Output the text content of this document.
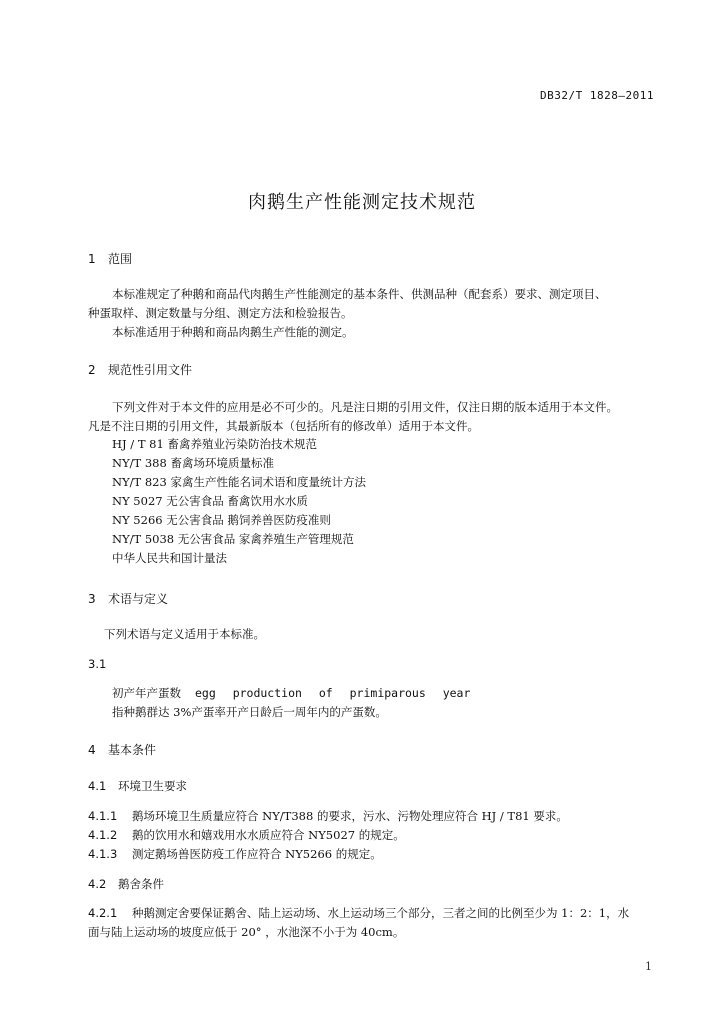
DB32/T 1828—2011
肉鹅生产性能测定技术规范
1 范围
本标准规定了种鹅和商品代肉鹅生产性能测定的基本条件、供测品种（配套系）要求、测定项目、
种蛋取样、测定数量与分组、测定方法和检验报告。
本标准适用于种鹅和商品肉鹅生产性能的测定。
2 规范性引用文件
下列文件对于本文件的应用是必不可少的。凡是注日期的引用文件，仅注日期的版本适用于本文件。
凡是不注日期的引用文件，其最新版本（包括所有的修改单）适用于本文件。
HJ / T 81 畜禽养殖业污染防治技术规范
NY/T 388 畜禽场环境质量标准
NY/T 823 家禽生产性能名词术语和度量统计方法
NY 5027 无公害食品 畜禽饮用水水质
NY 5266 无公害食品 鹅饲养兽医防疫准则
NY/T 5038 无公害食品 家禽养殖生产管理规范
中华人民共和国计量法
3 术语与定义
下列术语与定义适用于本标准。
3.1
初产年产蛋数 egg production of primiparous year
指种鹅群达 3%产蛋率开产日龄后一周年内的产蛋数。
4 基本条件
4.1 环境卫生要求
4.1.1 鹅场环境卫生质量应符合 NY/T388 的要求，污水、污物处理应符合 HJ / T81 要求。
4.1.2 鹅的饮用水和嬉戏用水水质应符合 NY5027 的规定。
4.1.3 测定鹅场兽医防疫工作应符合 NY5266 的规定。
4.2 鹅舍条件
4.2.1 种鹅测定舍要保证鹅舍、陆上运动场、水上运动场三个部分，三者之间的比例至少为 1：2：1，水
面与陆上运动场的坡度应低于 20° ，水池深不小于为 40cm。
1
